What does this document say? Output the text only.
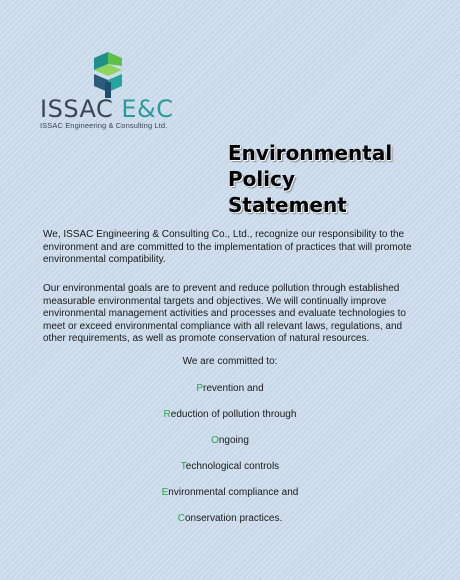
ISSAC E&C
ISSAC Engineering & Consulting Ltd.
Environmental
Policy
Statement

We, ISSAC Engineering & Consulting Co., Ltd., recognize our responsibility to the environment and are committed to the implementation of practices that will promote environmental compatibility.

Our environmental goals are to prevent and reduce pollution through established measurable environmental targets and objectives. We will continually improve environmental management activities and processes and evaluate technologies to meet or exceed environmental compliance with all relevant laws, regulations, and other requirements, as well as promote conservation of natural resources.

We are committed to:
Prevention and
Reduction of pollution through
Ongoing
Technological controls
Environmental compliance and
Conservation practices.
